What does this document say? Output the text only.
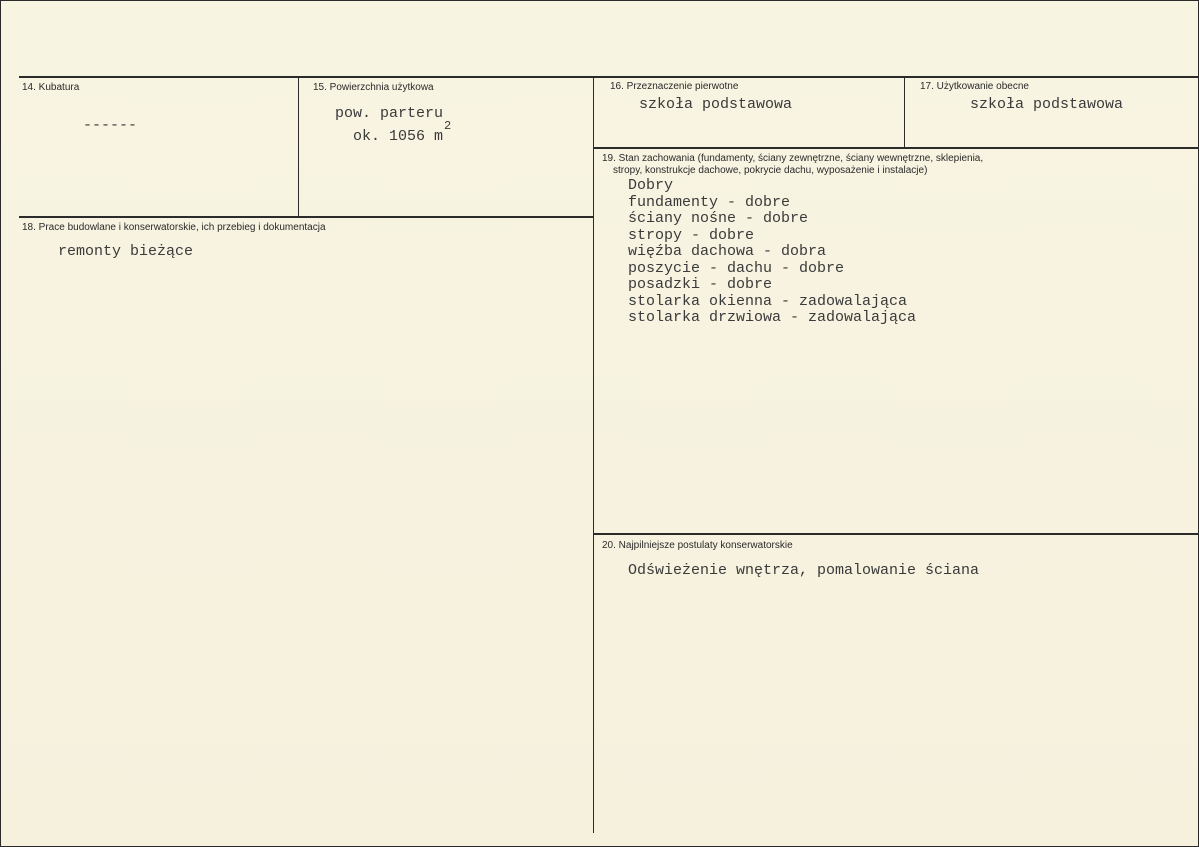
14. Kubatura
------
15. Powierzchnia użytkowa
pow. parteru
ok. 1056 $m^2$
16. Przeznaczenie pierwotne
szkoła podstawowa
17. Użytkowanie obecne
szkoła podstawowa
18. Prace budowlane i konserwatorskie, ich przebieg i dokumentacja
remonty bieżące
19. Stan zachowania (fundamenty, ściany zewnętrzne, ściany wewnętrzne, sklepienia,
stropy, konstrukcje dachowe, pokrycie dachu, wyposażenie i instalacje)
Dobry
fundamenty - dobre
ściany nośne - dobre
stropy - dobre
więźba dachowa - dobra
poszycie - dachu - dobre
posadzki - dobre
stolarka okienna - zadowalająca
stolarka drzwiowa - zadowalająca
20. Najpilniejsze postulaty konserwatorskie
Odświeżenie wnętrza, pomalowanie ściana
